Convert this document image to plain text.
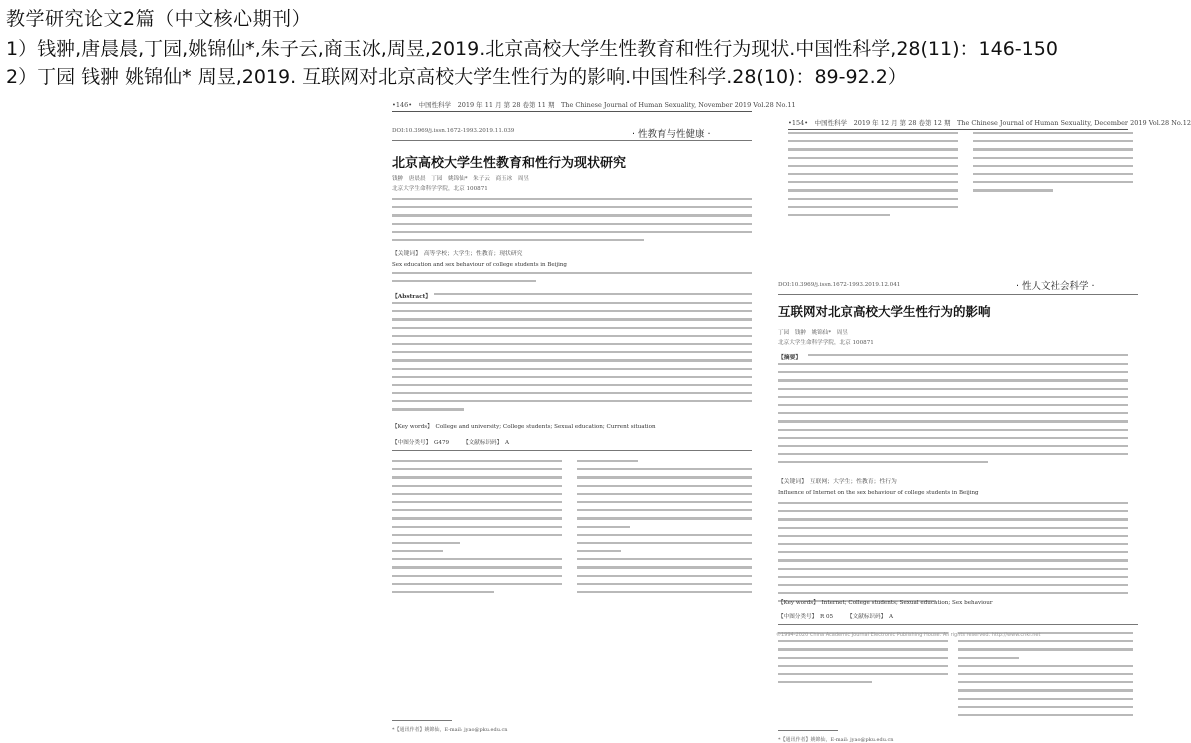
教学研究论文2篇（中文核心期刊）
1）钱翀,唐晨晨,丁园,姚锦仙*,朱子云,商玉冰,周昱,2019.北京高校大学生性教育和性行为现状.中国性科学,28(11)：146-150
2）丁园 钱翀 姚锦仙* 周昱,2019. 互联网对北京高校大学生性行为的影响.中国性科学.28(10)：89-92.2）
•146•　中国性科学　2019 年 11 月 第 28 卷第 11 期　The Chinese Journal of Human Sexuality, November 2019 Vol.28 No.11
DOI:10.3969/j.issn.1672-1993.2019.11.039	· 性教育与性健康 ·
北京高校大学生性教育和性行为现状研究
钱翀　唐晨晨　丁园　姚锦仙*　朱子云　商玉冰　周昱
北京大学生命科学学院，北京 100871
【关键词】　高等学校；大学生；性教育；现状研究
Sex education and sex behaviour of college students in Beijing
【Abstract】
【Key words】　College and university; College students; Sexual education; Current situation
【中图分类号】　G479　　　【文献标识码】　A
*【通讯作者】姚锦仙，E-mail: jyao@pku.edu.cn
•154•　中国性科学　2019 年 12 月 第 28 卷第 12 期　The Chinese Journal of Human Sexuality, December 2019 Vol.28 No.12
DOI:10.3969/j.issn.1672-1993.2019.12.041	· 性人文社会科学 ·
互联网对北京高校大学生性行为的影响
丁园　钱翀　姚锦仙*　周昱
北京大学生命科学学院，北京 100871
【摘要】
【关键词】　互联网；大学生；性教育；性行为
Influence of Internet on the sex behaviour of college students in Beijing
【Key words】　Internet; College students; Sexual education; Sex behaviour
【中图分类号】　R 05　　　【文献标识码】　A
*【通讯作者】姚锦仙，E-mail: jyao@pku.edu.cn
©1994-2020 China Academic Journal Electronic Publishing House. All rights reserved. http://www.cnki.net
